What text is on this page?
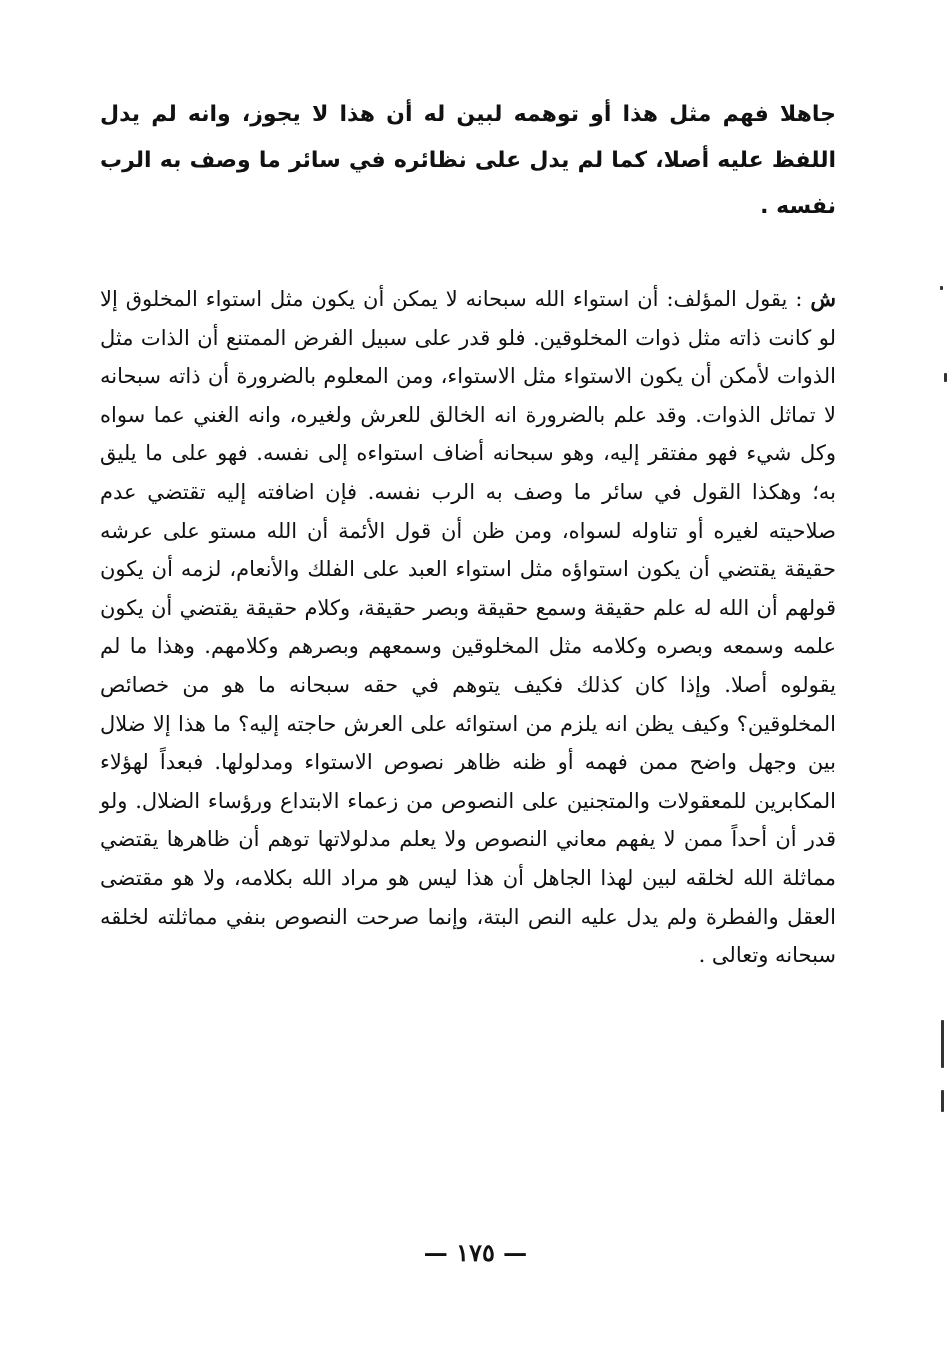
جاهلا فهم مثل هذا أو توهمه لبين له أن هذا لا يجوز، وانه لم يدل اللفظ عليه أصلا، كما لم يدل على نظائره في سائر ما وصف به الرب نفسه .

ش : يقول المؤلف: أن استواء الله سبحانه لا يمكن أن يكون مثل استواء المخلوق إلا لو كانت ذاته مثل ذوات المخلوقين. فلو قدر على سبيل الفرض الممتنع أن الذات مثل الذوات لأمكن أن يكون الاستواء مثل الاستواء، ومن المعلوم بالضرورة أن ذاته سبحانه لا تماثل الذوات. وقد علم بالضرورة انه الخالق للعرش ولغيره، وانه الغني عما سواه وكل شيء فهو مفتقر إليه، وهو سبحانه أضاف استواءه إلى نفسه. فهو على ما يليق به؛ وهكذا القول في سائر ما وصف به الرب نفسه. فإن اضافته إليه تقتضي عدم صلاحيته لغيره أو تناوله لسواه، ومن ظن أن قول الأئمة أن الله مستو على عرشه حقيقة يقتضي أن يكون استواؤه مثل استواء العبد على الفلك والأنعام، لزمه أن يكون قولهم أن الله له علم حقيقة وسمع حقيقة وبصر حقيقة، وكلام حقيقة يقتضي أن يكون علمه وسمعه وبصره وكلامه مثل المخلوقين وسمعهم وبصرهم وكلامهم. وهذا ما لم يقولوه أصلا. وإذا كان كذلك فكيف يتوهم في حقه سبحانه ما هو من خصائص المخلوقين؟ وكيف يظن انه يلزم من استوائه على العرش حاجته إليه؟ ما هذا إلا ضلال بين وجهل واضح ممن فهمه أو ظنه ظاهر نصوص الاستواء ومدلولها. فبعداً لهؤلاء المكابرين للمعقولات والمتجنين على النصوص من زعماء الابتداع ورؤساء الضلال. ولو قدر أن أحداً ممن لا يفهم معاني النصوص ولا يعلم مدلولاتها توهم أن ظاهرها يقتضي مماثلة الله لخلقه لبين لهذا الجاهل أن هذا ليس هو مراد الله بكلامه، ولا هو مقتضى العقل والفطرة ولم يدل عليه النص البتة، وإنما صرحت النصوص بنفي مماثلته لخلقه سبحانه وتعالى .

— ١٧٥ —
